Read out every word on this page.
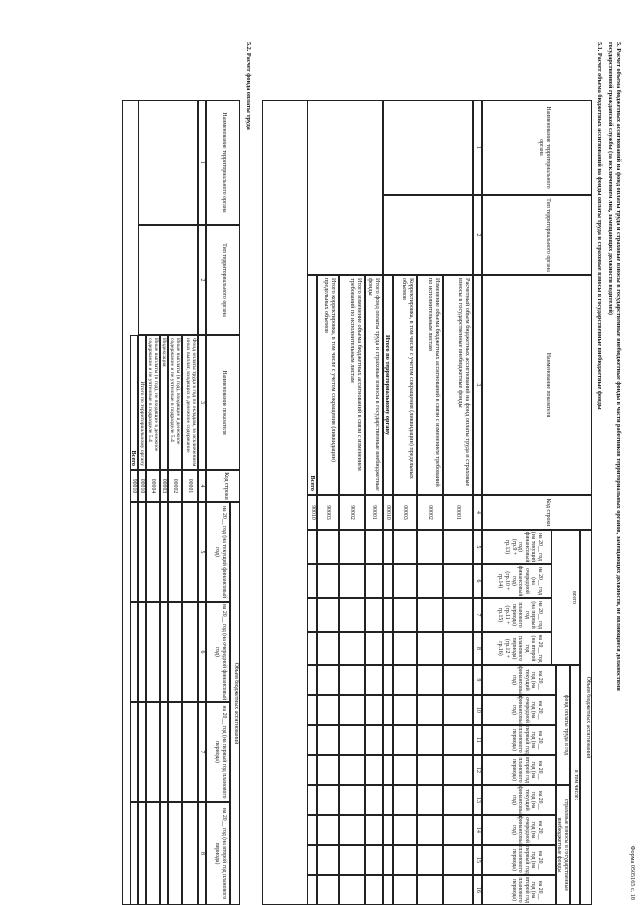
Форма 0505165 с. 18
5. Расчет объема бюджетных ассигнований на фонд оплаты труда и страховые взносы в государственные внебюджетные фонды в части работников территориальных органов, замещающих должности, не являющиеся должностями
государственной гражданской службы (за исключением лиц, замещающих должности водителей)
5.1. Расчет объема бюджетных ассигнований на фонды оплаты труда и страховые взносы в государственные внебюджетные фонды
Наименование территориального органа
Тип территориального органа
Наименование показателя
Код строки
Объем бюджетных ассигнований
всего
в том числе:
фонд оплаты труда в год
страховые взносы в государственные внебюджетные фонды
на 20__ год (на текущий финансовый год)
(гр.9 + гр.13)
на 20__ год (на очередной финансовый год)
(гр.10 + гр.14)
на 20__ год (на первый год планового периода)
(гр.11 + гр.15)
на 20__ год (на второй год планового периода)
(гр.12 + гр.16)
на 20__ год (на текущий финансовый год)
на 20__ год (на очередной финансовый год)
на 20__ год (на первый год планового периода)
на 20__ год (на второй год планового периода)
на 20__ год (на текущий финансовый год)
на 20__ год (на очередной финансовый год)
на 20__ год (на первый год планового периода)
на 20__ год (на второй год планового периода)
1
2
3
4
5
6
7
8
9
10
11
12
13
14
15
16
Расчетный объем бюджетных ассигнований на фонд оплаты труда и страховые взносы в государственные внебюджетные фонды
00001
Изменение объема бюджетных ассигнований в связи с изменением требований по исполнительным листам
00002
Корректировка, в том числе с учетом сокращения (ликвидации) предельных объемов
00003
Итого по территориальному органу
00010
Итого фонд оплаты труда и страховые взносы в государственные внебюджетные фонды
90001
Итого изменение объема бюджетных ассигнований в связи с изменением требований по исполнительным листам
90002
Итого корректировка, в том числе с учетом сокращения (ликвидации) предельных объемов
90003
Всего
90010
5.2. Расчет фонда оплаты труда
Наименование территориального органа
Тип территориального органа
Наименование показателя
Код строки
Объем бюджетных ассигнований
на 20__ год (на текущий финансовый год)
на 20__ год (на очередной финансовый год)
на 20__ год (на первый год планового периода)
на 20__ год (на второй год планового периода)
1
2
3
4
5
6
7
8
Фонд оплаты труда в год по окладам, за исключением иных выплат, входящих в денежное содержание
00001
Иные выплаты (в год), входящие в денежное содержание и не учтенные в подразделе 5.4
00002
Индексация
00003
Иные выплаты (в год), не входящие в денежное содержание и не учтенные в подразделе 5.4
00004
Итого по территориальному органу
00010
Всего
90010
